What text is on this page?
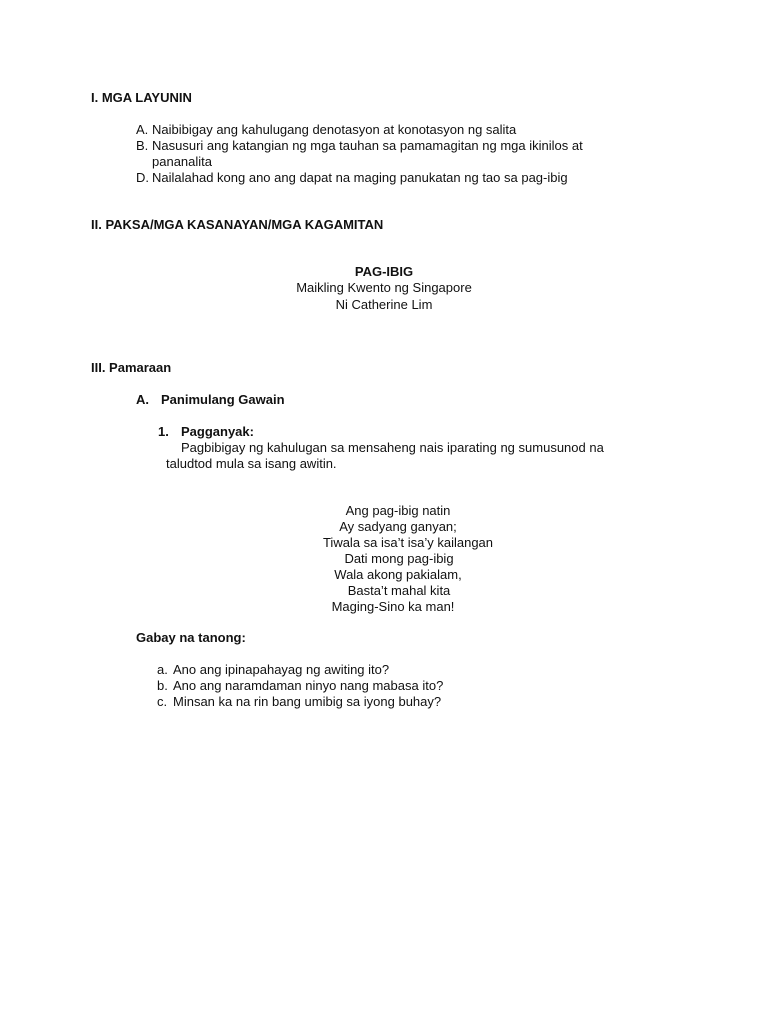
I. MGA LAYUNIN
A. Naibibigay ang kahulugang denotasyon at konotasyon ng salita
B. Nasusuri ang katangian ng mga tauhan sa pamamagitan ng mga ikinilos at
pananalita
D. Nailalahad kong ano ang dapat na maging panukatan ng tao sa pag-ibig
II. PAKSA/MGA KASANAYAN/MGA KAGAMITAN
PAG-IBIG
Maikling Kwento ng Singapore
Ni Catherine Lim
III. Pamaraan
A. Panimulang Gawain
1. Pagganyak:
Pagbibigay ng kahulugan sa mensaheng nais iparating ng sumusunod na
taludtod mula sa isang awitin.
Ang pag-ibig natin
Ay sadyang ganyan;
Tiwala sa isa’t isa’y kailangan
Dati mong pag-ibig
Wala akong pakialam,
Basta’t mahal kita
Maging-Sino ka man!
Gabay na tanong:
a. Ano ang ipinapahayag ng awiting ito?
b. Ano ang naramdaman ninyo nang mabasa ito?
c. Minsan ka na rin bang umibig sa iyong buhay?
